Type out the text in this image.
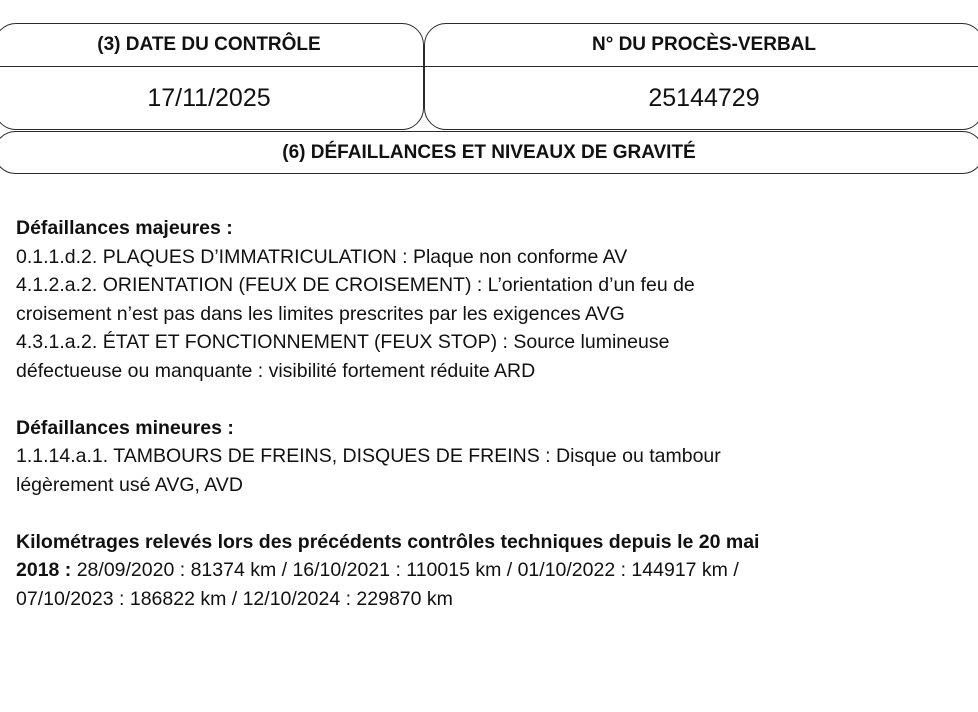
(3) DATE DU CONTRÔLE
17/11/2025
N° DU PROCÈS-VERBAL
25144729
(6) DÉFAILLANCES ET NIVEAUX DE GRAVITÉ
Défaillances majeures :
0.1.1.d.2. PLAQUES D’IMMATRICULATION : Plaque non conforme AV
4.1.2.a.2. ORIENTATION (FEUX DE CROISEMENT) : L’orientation d’un feu de
croisement n’est pas dans les limites prescrites par les exigences AVG
4.3.1.a.2. ÉTAT ET FONCTIONNEMENT (FEUX STOP) : Source lumineuse
défectueuse ou manquante : visibilité fortement réduite ARD
Défaillances mineures :
1.1.14.a.1. TAMBOURS DE FREINS, DISQUES DE FREINS : Disque ou tambour
légèrement usé AVG, AVD
Kilométrages relevés lors des précédents contrôles techniques depuis le 20 mai
2018 : 28/09/2020 : 81374 km / 16/10/2021 : 110015 km / 01/10/2022 : 144917 km /
07/10/2023 : 186822 km / 12/10/2024 : 229870 km
